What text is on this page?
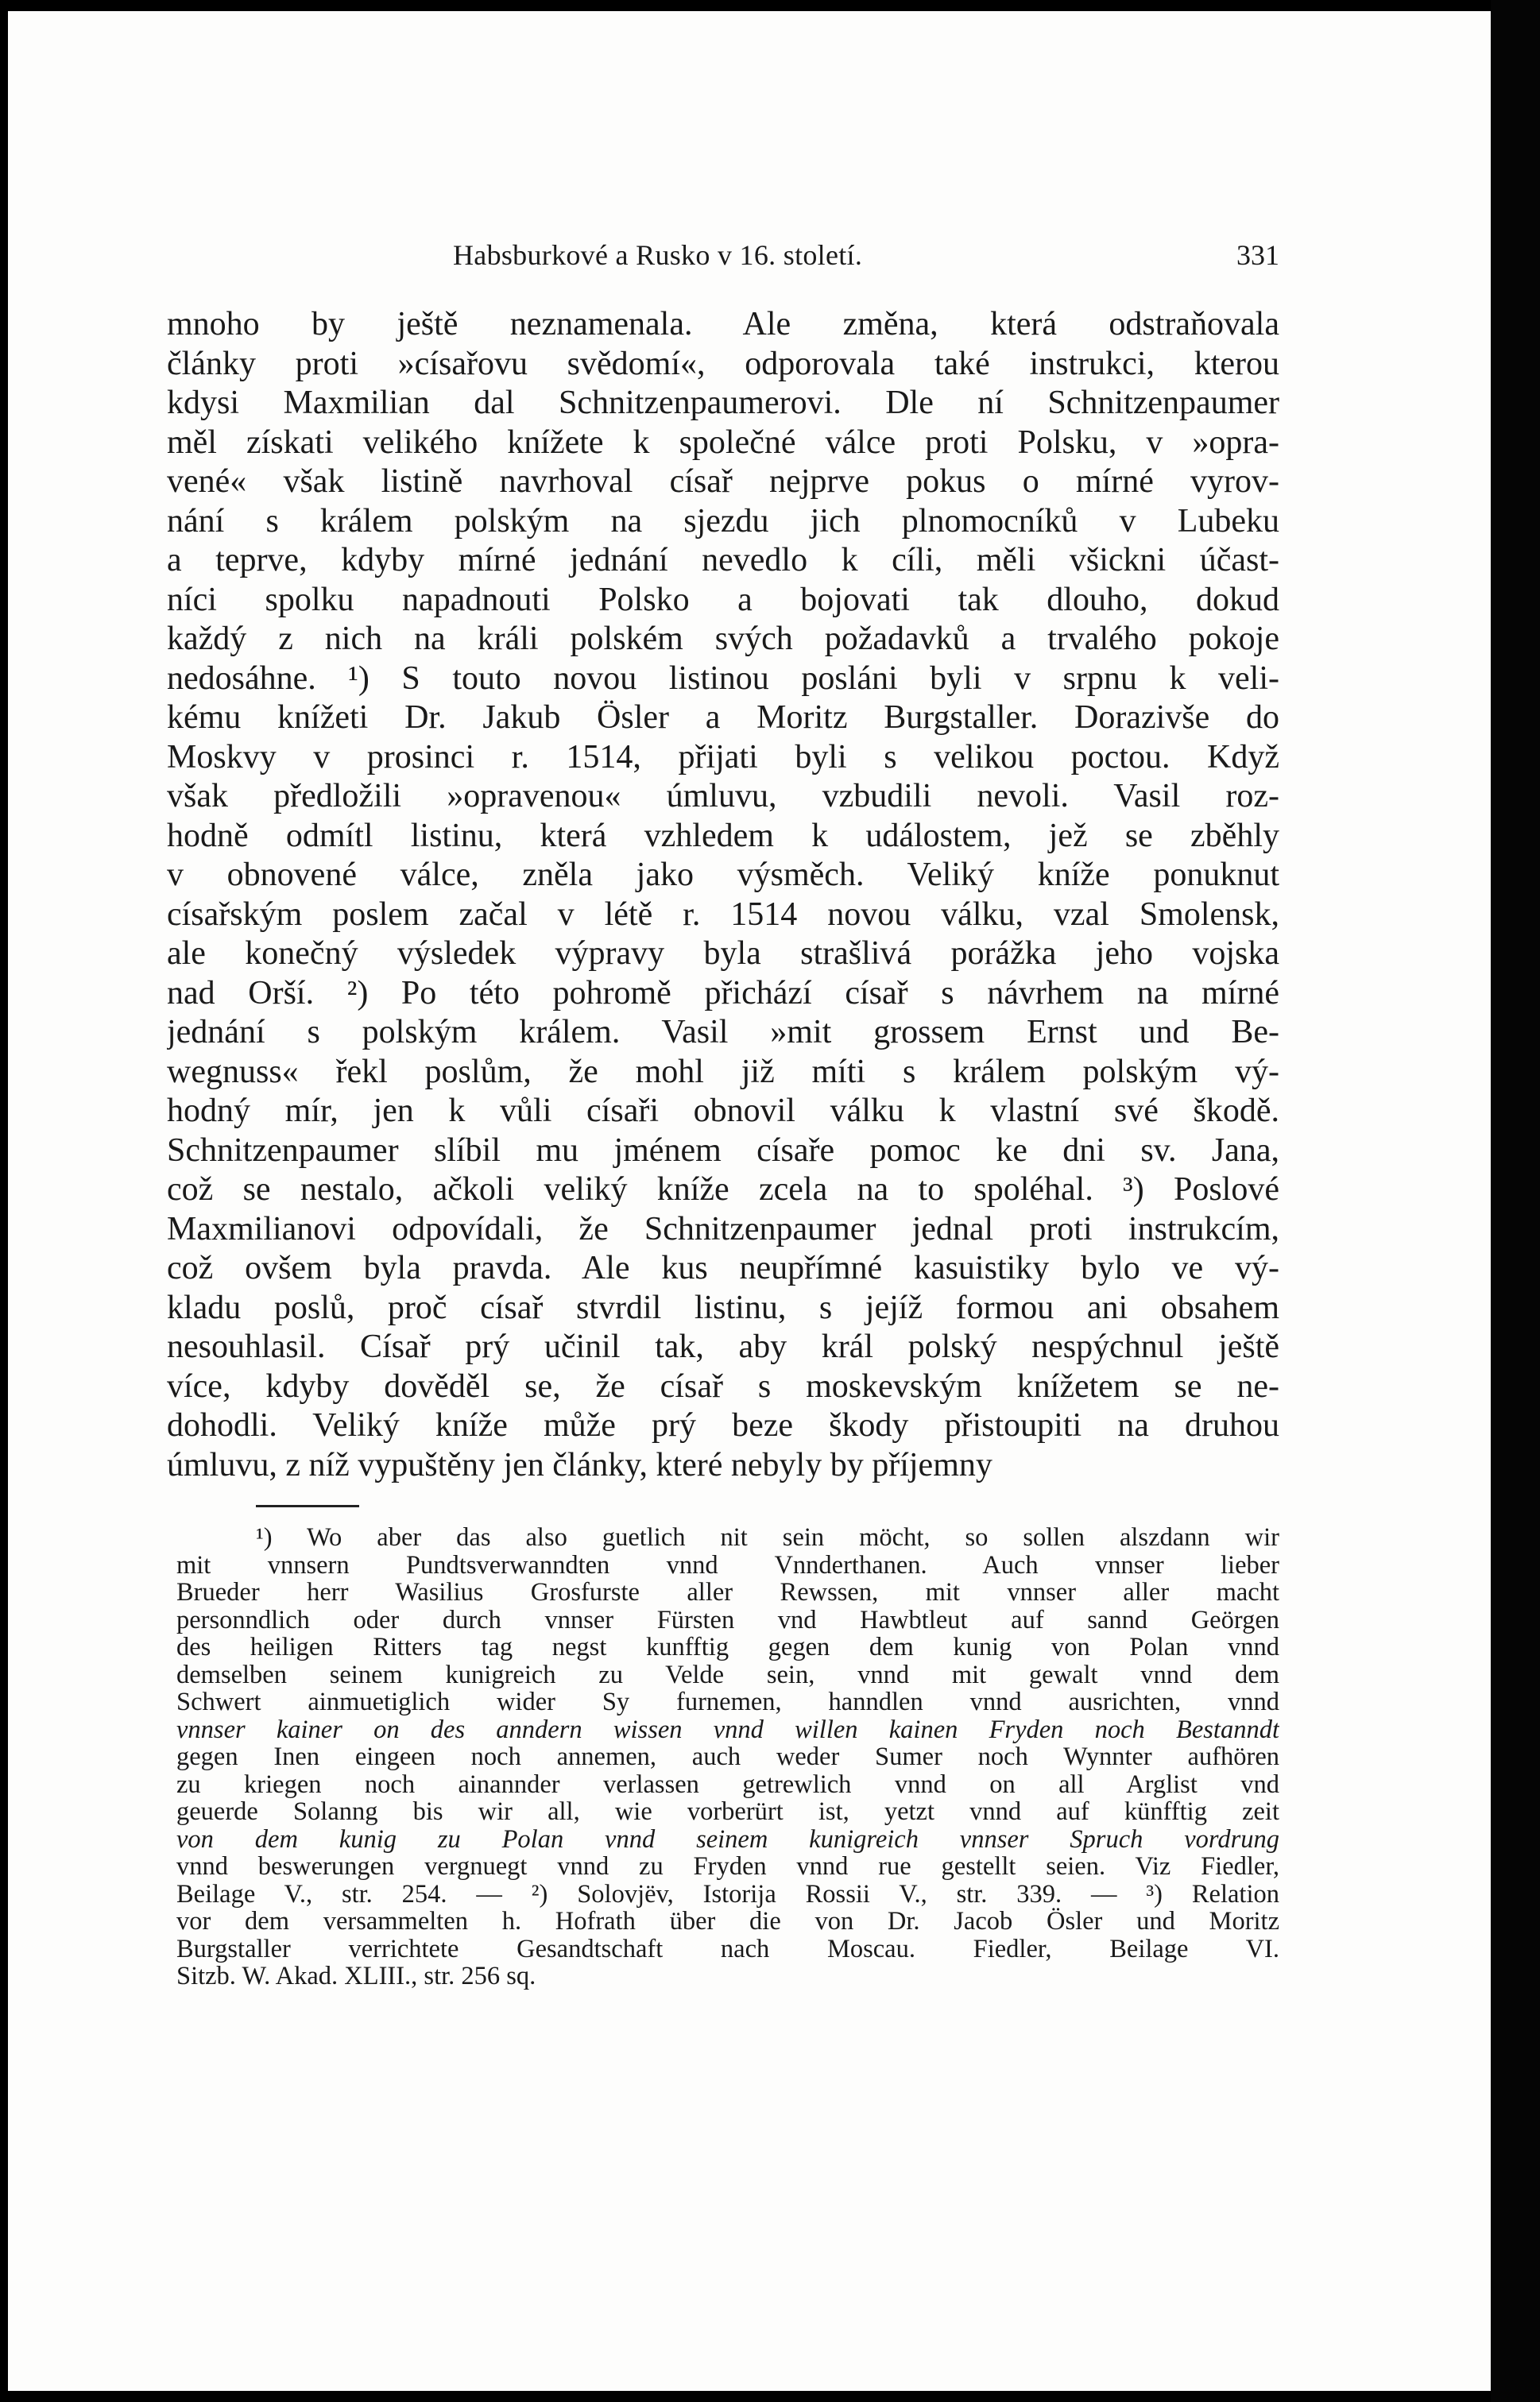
Habsburkové a Rusko v 16. století.	331
mnoho by ještě neznamenala. Ale změna, která odstraňovala
články proti »císařovu svědomí«, odporovala také instrukci, kterou
kdysi Maxmilian dal Schnitzenpaumerovi. Dle ní Schnitzenpaumer
měl získati velikého knížete k společné válce proti Polsku, v »opra-
vené« však listině navrhoval císař nejprve pokus o mírné vyrov-
nání s králem polským na sjezdu jich plnomocníků v Lubeku
a teprve, kdyby mírné jednání nevedlo k cíli, měli všickni účast-
níci spolku napadnouti Polsko a bojovati tak dlouho, dokud
každý z nich na králi polském svých požadavků a trvalého pokoje
nedosáhne. ¹) S touto novou listinou posláni byli v srpnu k veli-
kému knížeti Dr. Jakub Ösler a Moritz Burgstaller. Dorazivše do
Moskvy v prosinci r. 1514, přijati byli s velikou poctou. Když
však předložili »opravenou« úmluvu, vzbudili nevoli. Vasil roz-
hodně odmítl listinu, která vzhledem k událostem, jež se zběhly
v obnovené válce, zněla jako výsměch. Veliký kníže ponuknut
císařským poslem začal v létě r. 1514 novou válku, vzal Smolensk,
ale konečný výsledek výpravy byla strašlivá porážka jeho vojska
nad Orší. ²) Po této pohromě přichází císař s návrhem na mírné
jednání s polským králem. Vasil »mit grossem Ernst und Be-
wegnuss« řekl poslům, že mohl již míti s králem polským vý-
hodný mír, jen k vůli císaři obnovil válku k vlastní své škodě.
Schnitzenpaumer slíbil mu jménem císaře pomoc ke dni sv. Jana,
což se nestalo, ačkoli veliký kníže zcela na to spoléhal. ³) Poslové
Maxmilianovi odpovídali, že Schnitzenpaumer jednal proti instrukcím,
což ovšem byla pravda. Ale kus neupřímné kasuistiky bylo ve vý-
kladu poslů, proč císař stvrdil listinu, s jejíž formou ani obsahem
nesouhlasil. Císař prý učinil tak, aby král polský nespýchnul ještě
více, kdyby dověděl se, že císař s moskevským knížetem se ne-
dohodli. Veliký kníže může prý beze škody přistoupiti na druhou
úmluvu, z níž vypuštěny jen články, které nebyly by příjemny
¹) Wo aber das also guetlich nit sein möcht, so sollen alszdann wir
mit vnnsern Pundtsverwanndten vnnd Vnnderthanen. Auch vnnser lieber
Brueder herr Wasilius Grosfurste aller Rewssen, mit vnnser aller macht
personndlich oder durch vnnser Fürsten vnd Hawbtleut auf sannd Geörgen
des heiligen Ritters tag negst kunfftig gegen dem kunig von Polan vnnd
demselben seinem kunigreich zu Velde sein, vnnd mit gewalt vnnd dem
Schwert ainmuetiglich wider Sy furnemen, hanndlen vnnd ausrichten, vnnd
vnnser kainer on des anndern wissen vnnd willen kainen Fryden noch Bestanndt
gegen Inen eingeen noch annemen, auch weder Sumer noch Wynnter aufhören
zu kriegen noch ainannder verlassen getrewlich vnnd on all Arglist vnd
geuerde Solanng bis wir all, wie vorberürt ist, yetzt vnnd auf künfftig zeit
von dem kunig zu Polan vnnd seinem kunigreich vnnser Spruch vordrung
vnnd beswerungen vergnuegt vnnd zu Fryden vnnd rue gestellt seien. Viz Fiedler,
Beilage V., str. 254. — ²) Solovjëv, Istorija Rossii V., str. 339. — ³) Relation
vor dem versammelten h. Hofrath über die von Dr. Jacob Ösler und Moritz
Burgstaller verrichtete Gesandtschaft nach Moscau. Fiedler, Beilage VI.
Sitzb. W. Akad. XLIII., str. 256 sq.
